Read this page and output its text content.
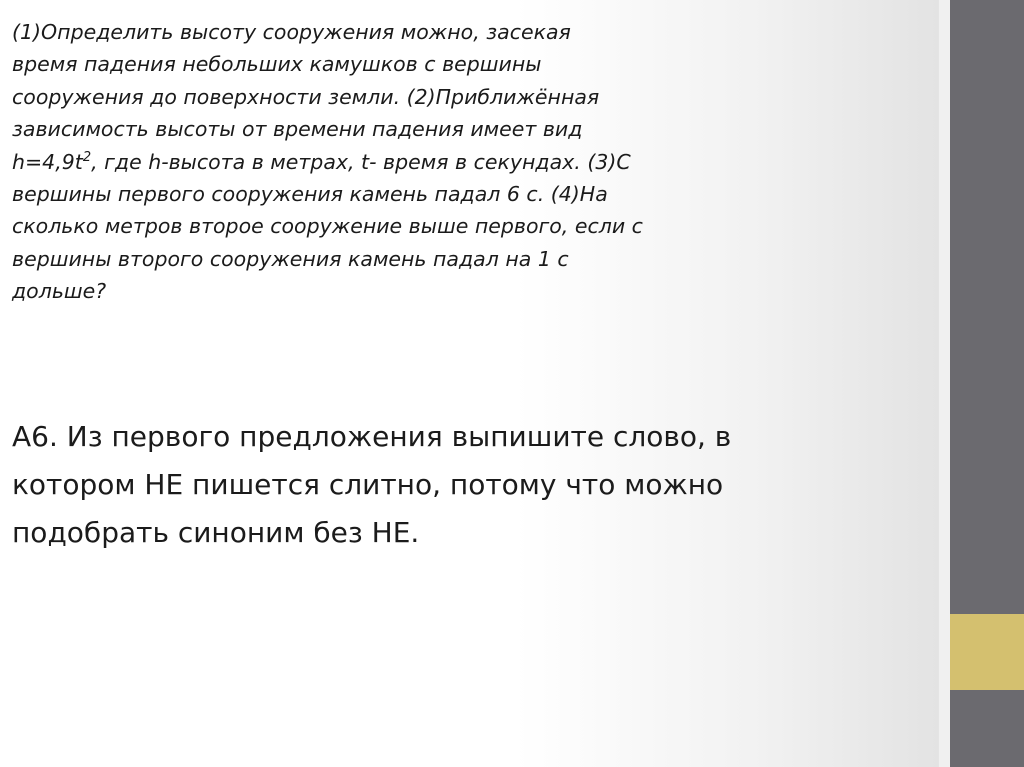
(1)Определить высоту сооружения можно, засекая
время падения небольших камушков с вершины
сооружения до поверхности земли. (2)Приближённая
зависимость высоты от времени падения имеет вид
$h=4,9t^2$, где h-высота в метрах, t- время в секундах. (3)С
вершины первого сооружения камень падал 6 с. (4)На
сколько метров второе сооружение выше первого, если с
вершины второго сооружения камень падал на 1 с
дольше?

А6. Из первого предложения выпишите слово, в
котором НЕ пишется слитно, потому что можно
подобрать синоним без НЕ.
